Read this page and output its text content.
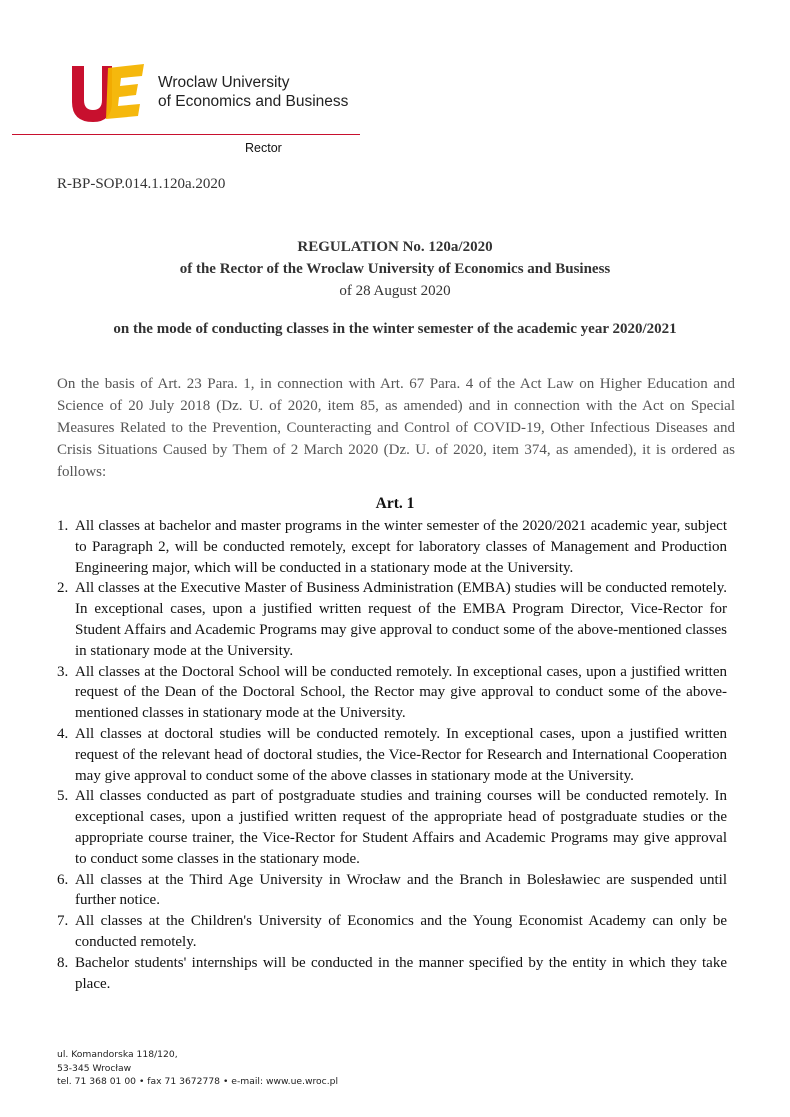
Wroclaw University
of Economics and Business
Rector
R-BP-SOP.014.1.120a.2020
REGULATION No. 120a/2020
of the Rector of the Wroclaw University of Economics and Business
of 28 August 2020
on the mode of conducting classes in the winter semester of the academic year 2020/2021

On the basis of Art. 23 Para. 1, in connection with Art. 67 Para. 4 of the Act Law on Higher Education and Science of 20 July 2018 (Dz. U. of 2020, item 85, as amended) and in connection with the Act on Special Measures Related to the Prevention, Counteracting and Control of COVID-19, Other Infectious Diseases and Crisis Situations Caused by Them of 2 March 2020 (Dz. U. of 2020, item 374, as amended), it is ordered as follows:

Art. 1
1. All classes at bachelor and master programs in the winter semester of the 2020/2021 academic year, subject to Paragraph 2, will be conducted remotely, except for laboratory classes of Management and Production Engineering major, which will be conducted in a stationary mode at the University.
2. All classes at the Executive Master of Business Administration (EMBA) studies will be conducted remotely. In exceptional cases, upon a justified written request of the EMBA Program Director, Vice-Rector for Student Affairs and Academic Programs may give approval to conduct some of the above-mentioned classes in stationary mode at the University.
3. All classes at the Doctoral School will be conducted remotely. In exceptional cases, upon a justified written request of the Dean of the Doctoral School, the Rector may give approval to conduct some of the above-mentioned classes in stationary mode at the University.
4. All classes at doctoral studies will be conducted remotely. In exceptional cases, upon a justified written request of the relevant head of doctoral studies, the Vice-Rector for Research and International Cooperation may give approval to conduct some of the above classes in stationary mode at the University.
5. All classes conducted as part of postgraduate studies and training courses will be conducted remotely. In exceptional cases, upon a justified written request of the appropriate head of postgraduate studies or the appropriate course trainer, the Vice-Rector for Student Affairs and Academic Programs may give approval to conduct some classes in the stationary mode.
6. All classes at the Third Age University in Wrocław and the Branch in Bolesławiec are suspended until further notice.
7. All classes at the Children's University of Economics and the Young Economist Academy can only be conducted remotely.
8. Bachelor students' internships will be conducted in the manner specified by the entity in which they take place.
ul. Komandorska 118/120,
53-345 Wrocław
tel. 71 368 01 00 • fax 71 3672778 • e-mail: www.ue.wroc.pl
